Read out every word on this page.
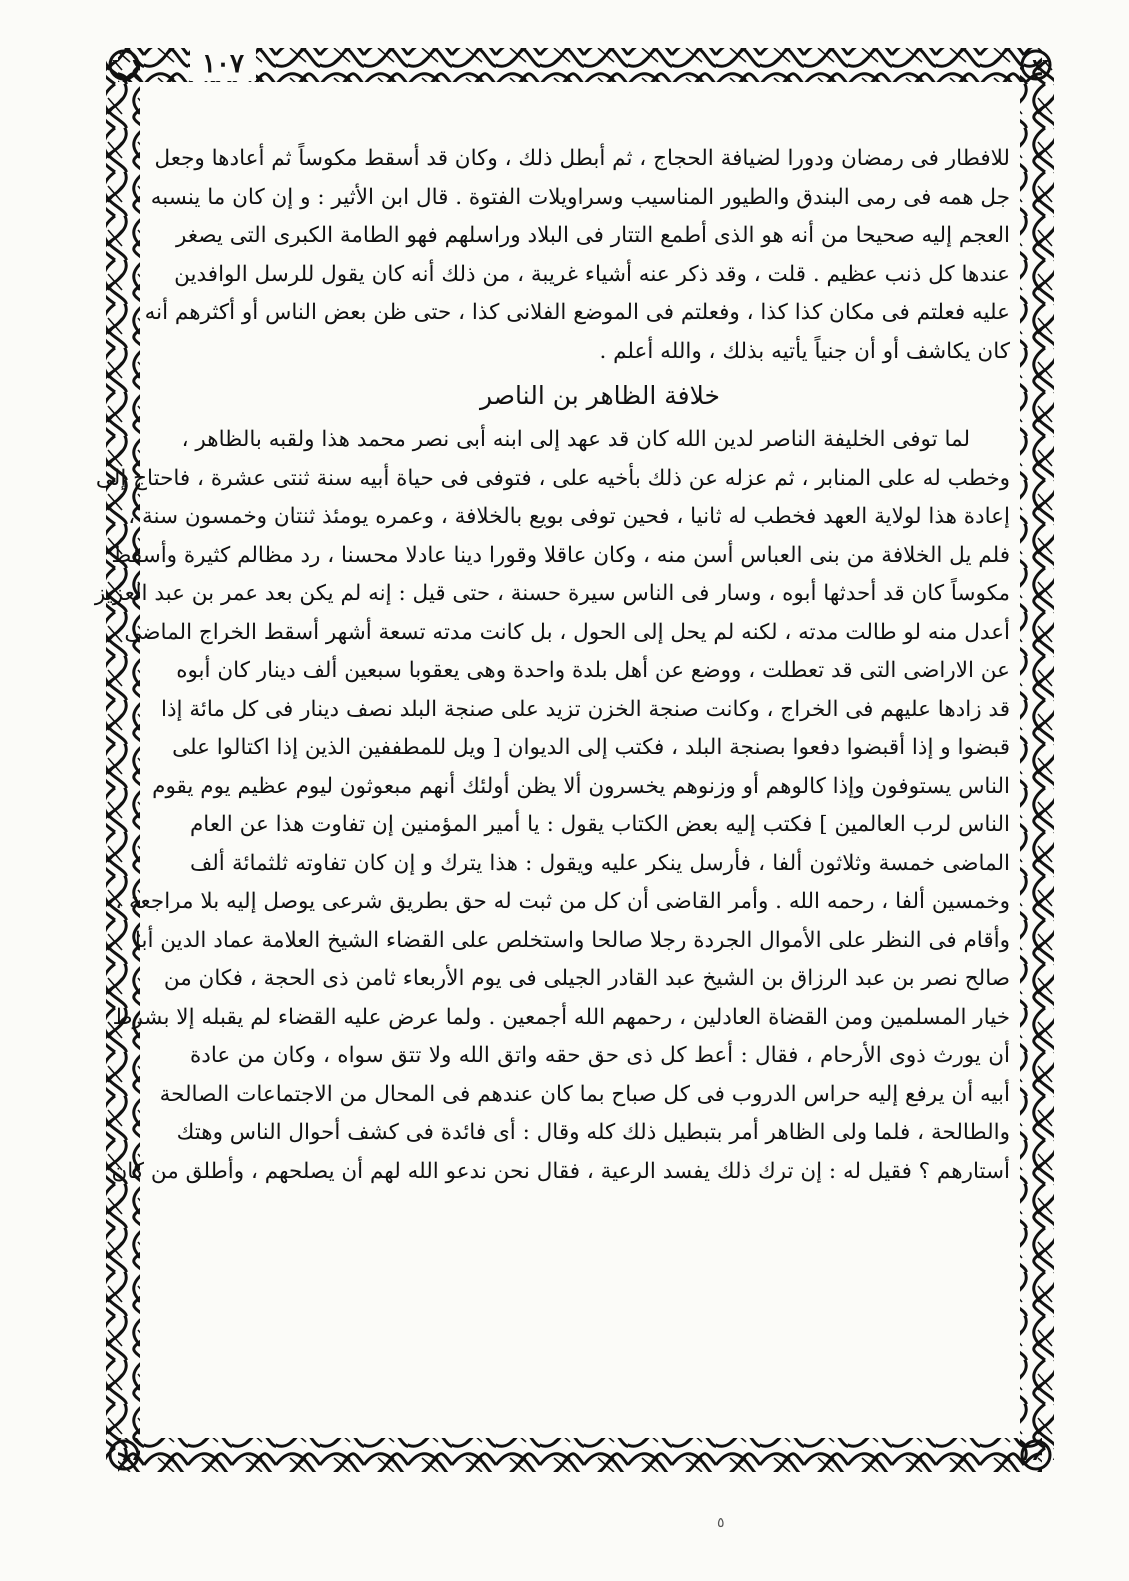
١٠٧
للافطار فى رمضان ودورا لضيافة الحجاج ، ثم أبطل ذلك ، وكان قد أسقط مكوساً ثم أعادها وجعل
جل همه فى رمى البندق والطيور المناسيب وسراويلات الفتوة . قال ابن الأثير : و إن كان ما ينسبه
العجم إليه صحيحا من أنه هو الذى أطمع التتار فى البلاد وراسلهم فهو الطامة الكبرى التى يصغر
عندها كل ذنب عظيم . قلت ، وقد ذكر عنه أشياء غريبة ، من ذلك أنه كان يقول للرسل الوافدين
عليه فعلتم فى مكان كذا كذا ، وفعلتم فى الموضع الفلانى كذا ، حتى ظن بعض الناس أو أكثرهم أنه
كان يكاشف أو أن جنياً يأتيه بذلك ، والله أعلم .
خلافة الظاهر بن الناصر
لما توفى الخليفة الناصر لدين الله كان قد عهد إلى ابنه أبى نصر محمد هذا ولقبه بالظاهر ،
وخطب له على المنابر ، ثم عزله عن ذلك بأخيه على ، فتوفى فى حياة أبيه سنة ثنتى عشرة ، فاحتاج إلى
إعادة هذا لولاية العهد فخطب له ثانيا ، فحين توفى بويع بالخلافة ، وعمره يومئذ ثنتان وخمسون سنة ،
فلم يل الخلافة من بنى العباس أسن منه ، وكان عاقلا وقورا دينا عادلا محسنا ، رد مظالم كثيرة وأسقط
مكوساً كان قد أحدثها أبوه ، وسار فى الناس سيرة حسنة ، حتى قيل : إنه لم يكن بعد عمر بن عبد العزيز
أعدل منه لو طالت مدته ، لكنه لم يحل إلى الحول ، بل كانت مدته تسعة أشهر أسقط الخراج الماضى
عن الاراضى التى قد تعطلت ، ووضع عن أهل بلدة واحدة وهى يعقوبا سبعين ألف دينار كان أبوه
قد زادها عليهم فى الخراج ، وكانت صنجة الخزن تزيد على صنجة البلد نصف دينار فى كل مائة إذا
قبضوا و إذا أقبضوا دفعوا بصنجة البلد ، فكتب إلى الديوان [ ويل للمطففين الذين إذا اكتالوا على
الناس يستوفون وإذا كالوهم أو وزنوهم يخسرون ألا يظن أولئك أنهم مبعوثون ليوم عظيم يوم يقوم
الناس لرب العالمين ] فكتب إليه بعض الكتاب يقول : يا أمير المؤمنين إن تفاوت هذا عن العام
الماضى خمسة وثلاثون ألفا ، فأرسل ينكر عليه ويقول : هذا يترك و إن كان تفاوته ثلثمائة ألف
وخمسين ألفا ، رحمه الله . وأمر القاضى أن كل من ثبت له حق بطريق شرعى يوصل إليه بلا مراجعة ،
وأقام فى النظر على الأموال الجردة رجلا صالحا واستخلص على القضاء الشيخ العلامة عماد الدين أبا
صالح نصر بن عبد الرزاق بن الشيخ عبد القادر الجيلى فى يوم الأربعاء ثامن ذى الحجة ، فكان من
خيار المسلمين ومن القضاة العادلين ، رحمهم الله أجمعين . ولما عرض عليه القضاء لم يقبله إلا بشرط
أن يورث ذوى الأرحام ، فقال : أعط كل ذى حق حقه واتق الله ولا تتق سواه ، وكان من عادة
أبيه أن يرفع إليه حراس الدروب فى كل صباح بما كان عندهم فى المحال من الاجتماعات الصالحة
والطالحة ، فلما ولى الظاهر أمر بتبطيل ذلك كله وقال : أى فائدة فى كشف أحوال الناس وهتك
أستارهم ؟ فقيل له : إن ترك ذلك يفسد الرعية ، فقال نحن ندعو الله لهم أن يصلحهم ، وأطلق من كان
٥
